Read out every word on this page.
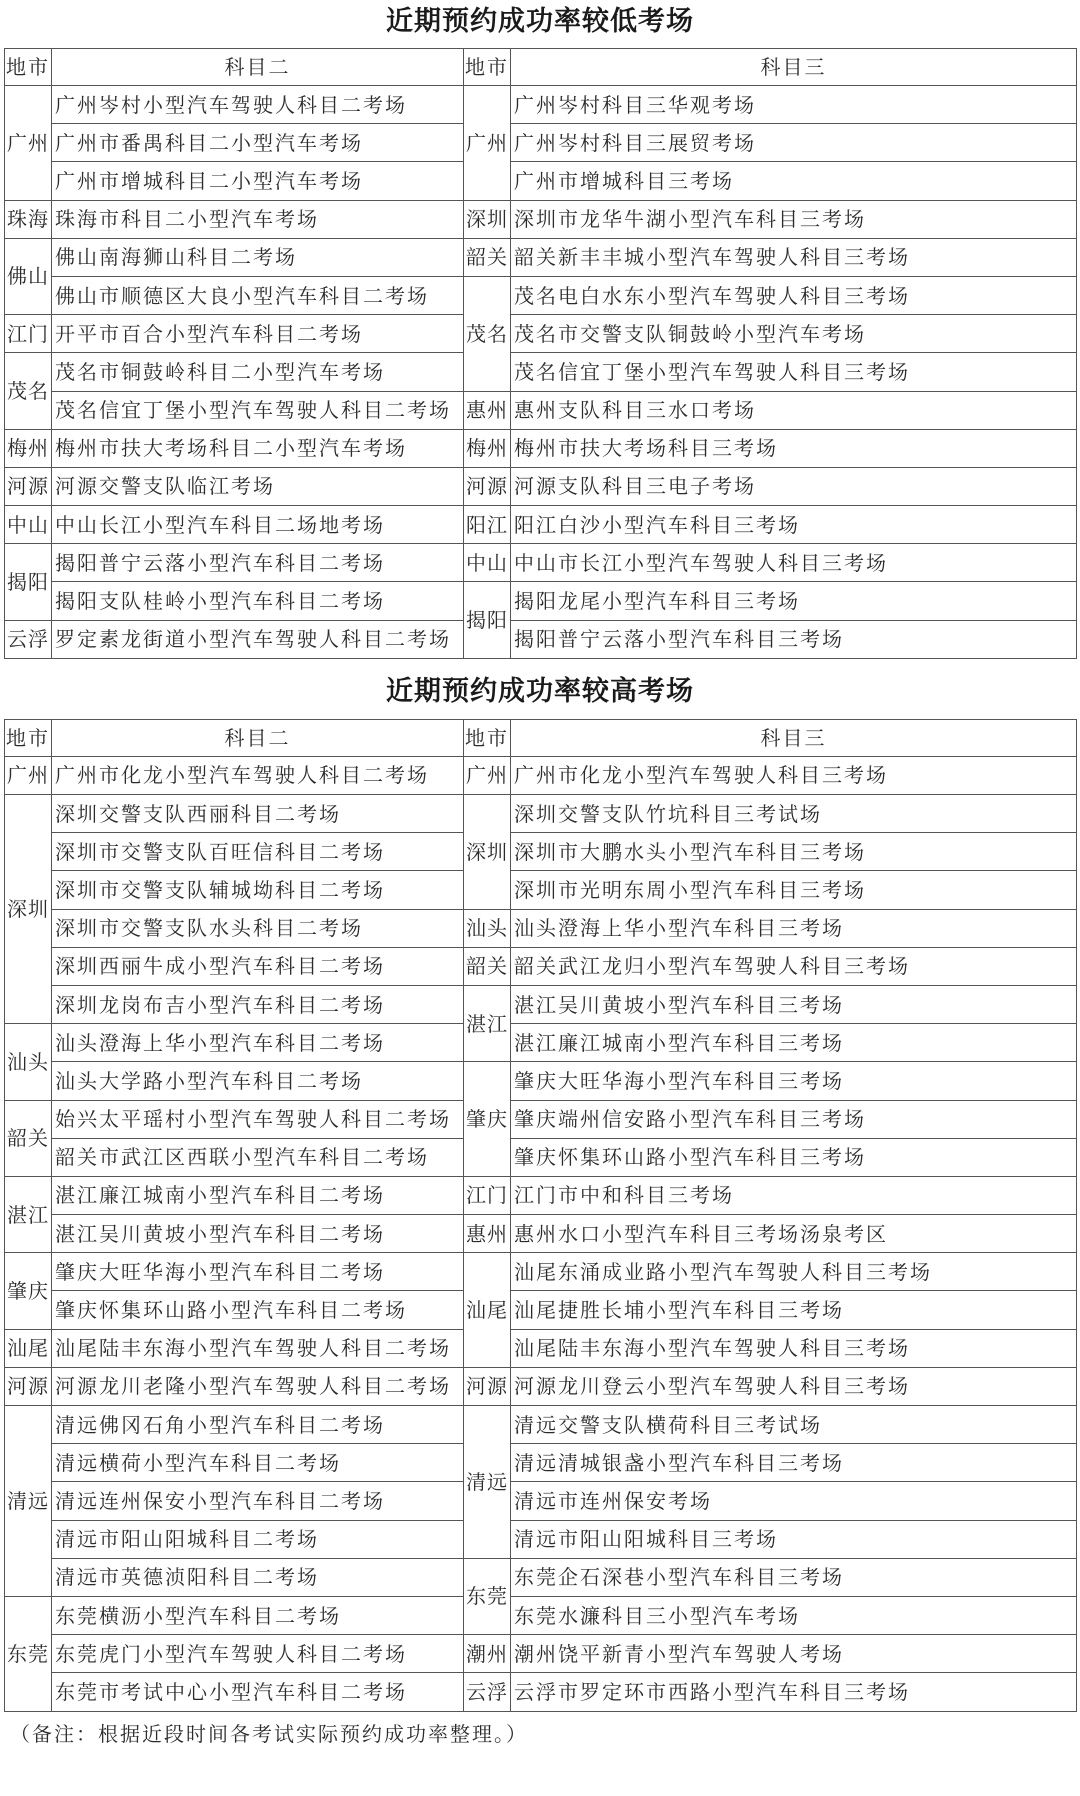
近期预约成功率较低考场
地市	科目二	地市	科目三
广州	广州岑村小型汽车驾驶人科目二考场	广州	广州岑村科目三华观考场
	广州市番禺科目二小型汽车考场		广州岑村科目三展贸考场
	广州市增城科目二小型汽车考场		广州市增城科目三考场
珠海	珠海市科目二小型汽车考场	深圳	深圳市龙华牛湖小型汽车科目三考场
佛山	佛山南海狮山科目二考场	韶关	韶关新丰丰城小型汽车驾驶人科目三考场
	佛山市顺德区大良小型汽车科目二考场	茂名	茂名电白水东小型汽车驾驶人科目三考场
江门	开平市百合小型汽车科目二考场		茂名市交警支队铜鼓岭小型汽车考场
茂名	茂名市铜鼓岭科目二小型汽车考场		茂名信宜丁堡小型汽车驾驶人科目三考场
	茂名信宜丁堡小型汽车驾驶人科目二考场	惠州	惠州支队科目三水口考场
梅州	梅州市扶大考场科目二小型汽车考场	梅州	梅州市扶大考场科目三考场
河源	河源交警支队临江考场	河源	河源支队科目三电子考场
中山	中山长江小型汽车科目二场地考场	阳江	阳江白沙小型汽车科目三考场
揭阳	揭阳普宁云落小型汽车科目二考场	中山	中山市长江小型汽车驾驶人科目三考场
	揭阳支队桂岭小型汽车科目二考场	揭阳	揭阳龙尾小型汽车科目三考场
云浮	罗定素龙街道小型汽车驾驶人科目二考场		揭阳普宁云落小型汽车科目三考场
近期预约成功率较高考场
地市	科目二	地市	科目三
广州	广州市化龙小型汽车驾驶人科目二考场	广州	广州市化龙小型汽车驾驶人科目三考场
深圳	深圳交警支队西丽科目二考场	深圳	深圳交警支队竹坑科目三考试场
	深圳市交警支队百旺信科目二考场		深圳市大鹏水头小型汽车科目三考场
	深圳市交警支队辅城坳科目二考场		深圳市光明东周小型汽车科目三考场
	深圳市交警支队水头科目二考场	汕头	汕头澄海上华小型汽车科目三考场
	深圳西丽牛成小型汽车科目二考场	韶关	韶关武江龙归小型汽车驾驶人科目三考场
	深圳龙岗布吉小型汽车科目二考场	湛江	湛江吴川黄坡小型汽车科目三考场
汕头	汕头澄海上华小型汽车科目二考场		湛江廉江城南小型汽车科目三考场
	汕头大学路小型汽车科目二考场	肇庆	肇庆大旺华海小型汽车科目三考场
韶关	始兴太平瑶村小型汽车驾驶人科目二考场		肇庆端州信安路小型汽车科目三考场
	韶关市武江区西联小型汽车科目二考场		肇庆怀集环山路小型汽车科目三考场
湛江	湛江廉江城南小型汽车科目二考场	江门	江门市中和科目三考场
	湛江吴川黄坡小型汽车科目二考场	惠州	惠州水口小型汽车科目三考场汤泉考区
肇庆	肇庆大旺华海小型汽车科目二考场	汕尾	汕尾东涌成业路小型汽车驾驶人科目三考场
	肇庆怀集环山路小型汽车科目二考场		汕尾捷胜长埔小型汽车科目三考场
汕尾	汕尾陆丰东海小型汽车驾驶人科目二考场		汕尾陆丰东海小型汽车驾驶人科目三考场
河源	河源龙川老隆小型汽车驾驶人科目二考场	河源	河源龙川登云小型汽车驾驶人科目三考场
清远	清远佛冈石角小型汽车科目二考场	清远	清远交警支队横荷科目三考试场
	清远横荷小型汽车科目二考场		清远清城银盏小型汽车科目三考场
	清远连州保安小型汽车科目二考场		清远市连州保安考场
	清远市阳山阳城科目二考场		清远市阳山阳城科目三考场
	清远市英德浈阳科目二考场	东莞	东莞企石深巷小型汽车科目三考场
东莞	东莞横沥小型汽车科目二考场		东莞水濂科目三小型汽车考场
	东莞虎门小型汽车驾驶人科目二考场	潮州	潮州饶平新青小型汽车驾驶人考场
	东莞市考试中心小型汽车科目二考场	云浮	云浮市罗定环市西路小型汽车科目三考场
（备注：根据近段时间各考试实际预约成功率整理。）
